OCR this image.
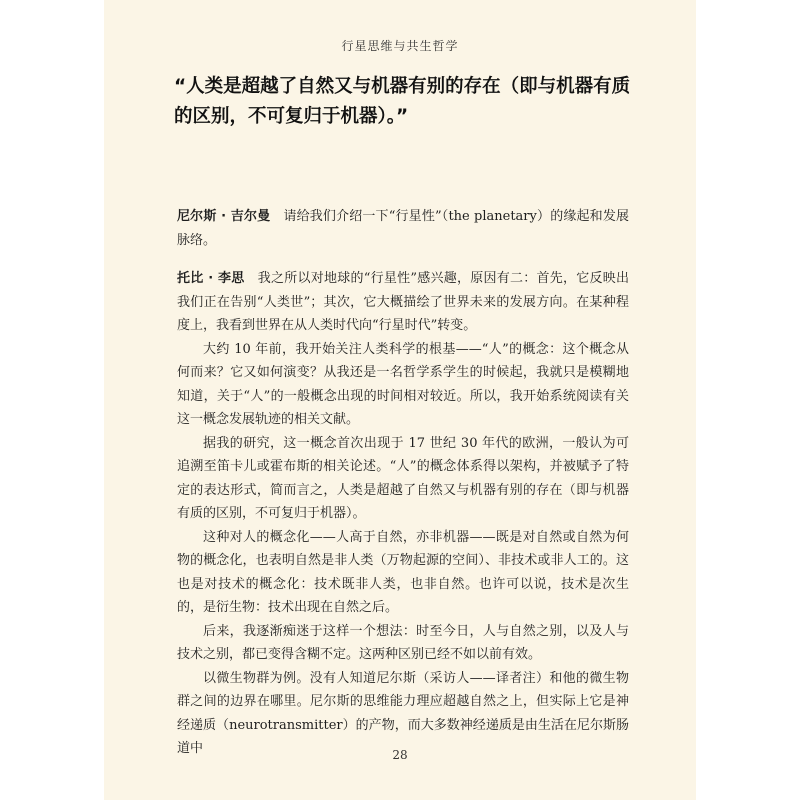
行星思维与共生哲学
“人类是超越了自然又与机器有别的存在（即与机器有质的区别，不可复归于机器）。”

尼尔斯 · 吉尔曼　 请给我们介绍一下“行星性”（the planetary）的缘起和发展脉络。

托比 · 李思　 我之所以对地球的“行星性”感兴趣，原因有二：首先，它反映出我们正在告别“人类世”；其次，它大概描绘了世界未来的发展方向。在某种程度上，我看到世界在从人类时代向“行星时代”转变。

大约 10 年前，我开始关注人类科学的根基——“人”的概念：这个概念从何而来？它又如何演变？从我还是一名哲学系学生的时候起，我就只是模糊地知道，关于“人”的一般概念出现的时间相对较近。所以，我开始系统阅读有关这一概念发展轨迹的相关文献。

据我的研究，这一概念首次出现于 17 世纪 30 年代的欧洲，一般认为可追溯至笛卡儿或霍布斯的相关论述。“人”的概念体系得以架构，并被赋予了特定的表达形式，简而言之，人类是超越了自然又与机器有别的存在（即与机器有质的区别，不可复归于机器）。

这种对人的概念化——人高于自然，亦非机器——既是对自然或自然为何物的概念化，也表明自然是非人类（万物起源的空间）、非技术或非人工的。这也是对技术的概念化：技术既非人类，也非自然。也许可以说，技术是次生的，是衍生物：技术出现在自然之后。

后来，我逐渐痴迷于这样一个想法：时至今日，人与自然之别，以及人与技术之别，都已变得含糊不定。这两种区别已经不如以前有效。

以微生物群为例。没有人知道尼尔斯（采访人——译者注）和他的微生物群之间的边界在哪里。尼尔斯的思维能力理应超越自然之上，但实际上它是神经递质（neurotransmitter）的产物，而大多数神经递质是由生活在尼尔斯肠道中	28
